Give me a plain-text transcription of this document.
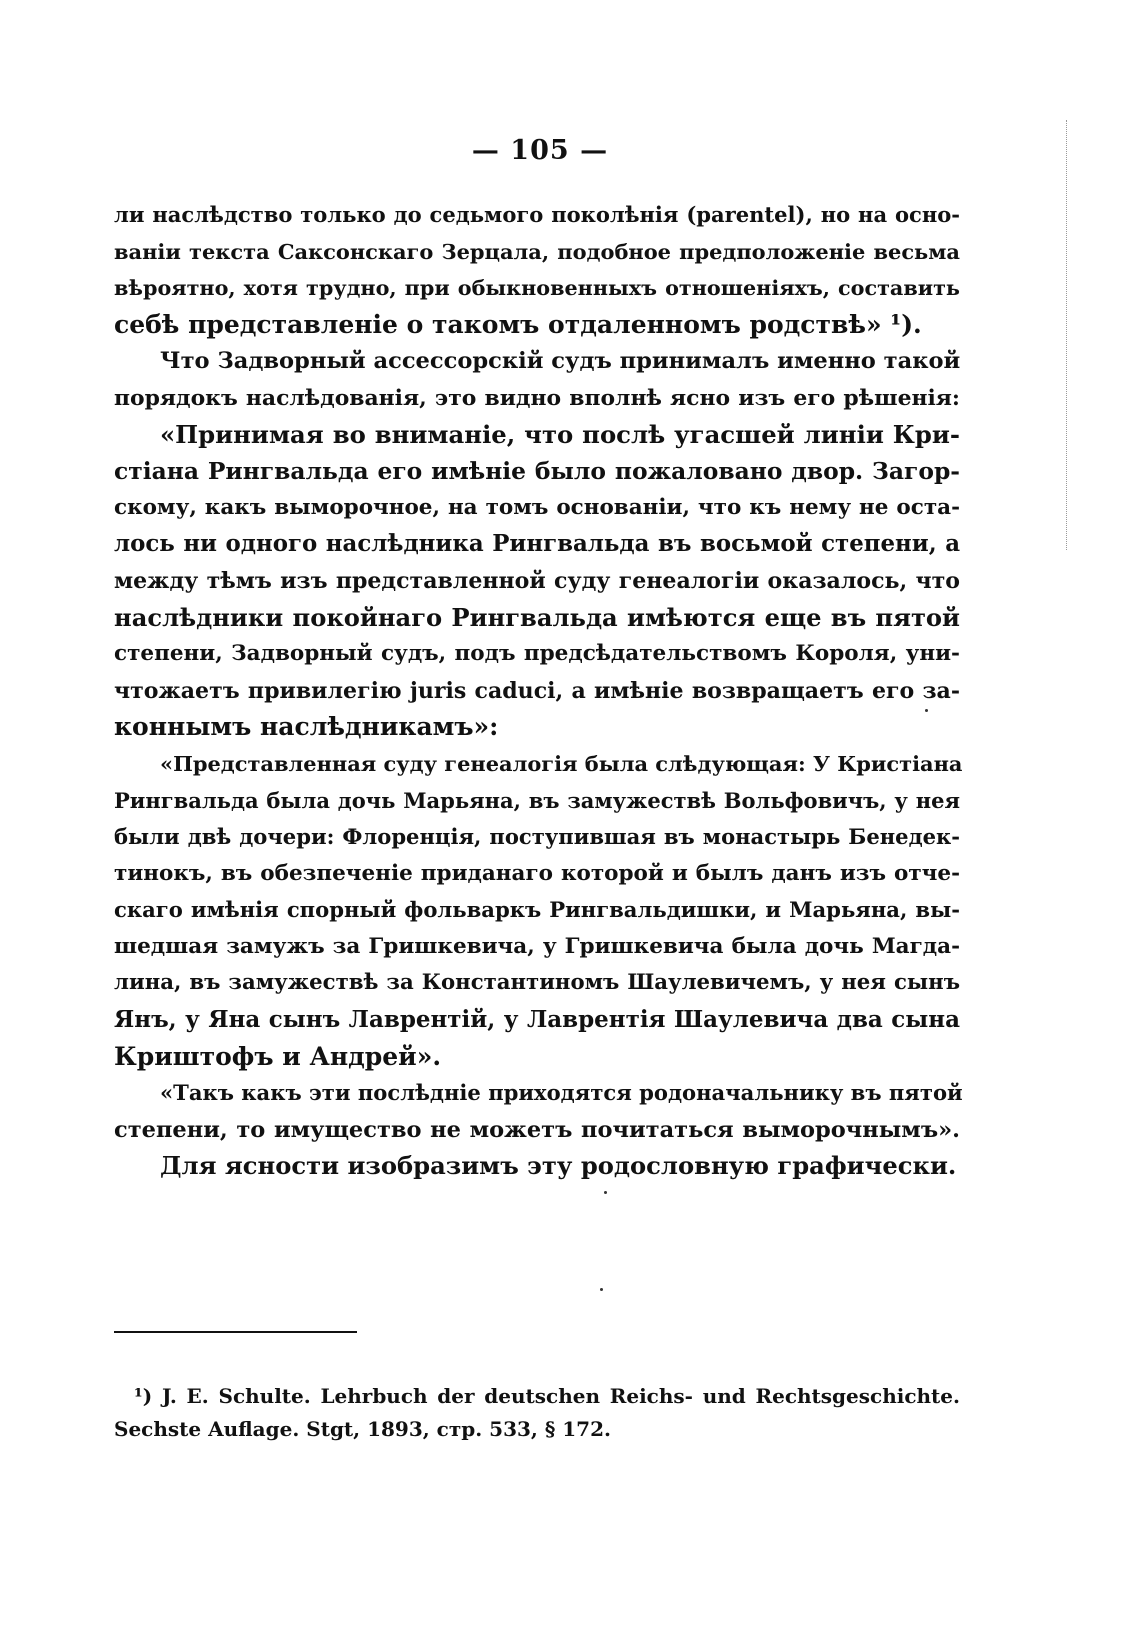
— 105 —
ли наслѣдство только до седьмого поколѣнія (parentel), но на осно-
ваніи текста Саксонскаго Зерцала, подобное предположеніе весьма
вѣроятно, хотя трудно, при обыкновенныхъ отношеніяхъ, составить
себѣ представленіе о такомъ отдаленномъ родствѣ» ¹).
Что Задворный ассессорскій судъ принималъ именно такой
порядокъ наслѣдованія, это видно вполнѣ ясно изъ его рѣшенія:
«Принимая во вниманіе, что послѣ угасшей линіи Кри-
стіана Рингвальда его имѣніе было пожаловано двор. Загор-
скому, какъ выморочное, на томъ основаніи, что къ нему не оста-
лось ни одного наслѣдника Рингвальда въ восьмой степени, а
между тѣмъ изъ представленной суду генеалогіи оказалось, что
наслѣдники покойнаго Рингвальда имѣются еще въ пятой
степени, Задворный судъ, подъ предсѣдательствомъ Короля, уни-
чтожаетъ привилегію juris caduci, а имѣніе возвращаетъ его за-
коннымъ наслѣдникамъ»:
«Представленная суду генеалогія была слѣдующая: У Кристіана
Рингвальда была дочь Марьяна, въ замужествѣ Вольфовичъ, у нея
были двѣ дочери: Флоренція, поступившая въ монастырь Бенедек-
тинокъ, въ обезпеченіе приданаго которой и былъ данъ изъ отче-
скаго имѣнія спорный фольваркъ Рингвальдишки, и Марьяна, вы-
шедшая замужъ за Гришкевича, у Гришкевича была дочь Магда-
лина, въ замужествѣ за Константиномъ Шаулевичемъ, у нея сынъ
Янъ, у Яна сынъ Лаврентій, у Лаврентія Шаулевича два сына
Криштофъ и Андрей».
«Такъ какъ эти послѣдніе приходятся родоначальнику въ пятой
степени, то имущество не можетъ почитаться выморочнымъ».
Для ясности изобразимъ эту родословную графически.
¹) J. E. Schulte. Lehrbuch der deutschen Reichs- und Rechtsgeschichte.
Sechste Auflage. Stgt, 1893, стр. 533, § 172.
